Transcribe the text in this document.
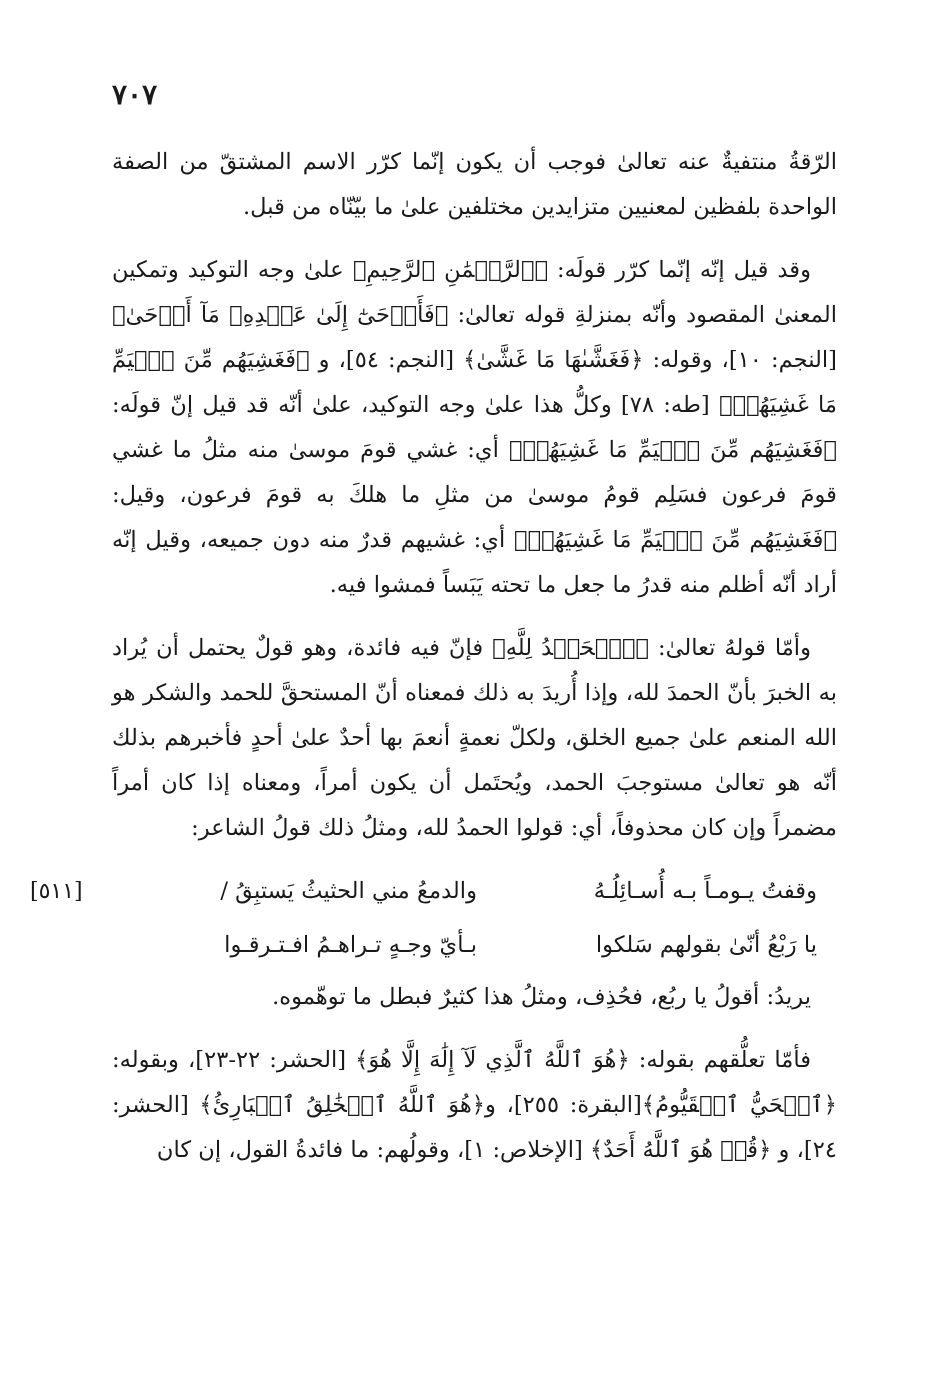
٧٠٧

الرّقةُ منتفيةٌ عنه تعالىٰ فوجب أن يكون إنّما كرّر الاسم المشتقّ من الصفة الواحدة بلفظين لمعنيين متزايدين مختلفين علىٰ ما بيّنّاه من قبل.

وقد قيل إنّه إنّما كرّر قولَه: ﴿ٱلرَّحۡمَٰنِ ٱلرَّحِيمِ﴾ علىٰ وجه التوكيد وتمكين المعنىٰ المقصود وأنّه بمنزلةِ قوله تعالىٰ: ﴿فَأَوۡحَىٰٓ إِلَىٰ عَبۡدِهِۦ مَآ أَوۡحَىٰ﴾ [النجم: ١٠]، وقوله: ﴿فَغَشَّىٰهَا مَا غَشَّىٰ﴾ [النجم: ٥٤]، و ﴿فَغَشِيَهُم مِّنَ ٱلۡيَمِّ مَا غَشِيَهُمۡ﴾ [طه: ٧٨] وكلُّ هذا علىٰ وجه التوكيد، علىٰ أنّه قد قيل إنّ قولَه: ﴿فَغَشِيَهُم مِّنَ ٱلۡيَمِّ مَا غَشِيَهُمۡ﴾ أي: غشي قومَ موسىٰ منه مثلُ ما غشي قومَ فرعون فسَلِم قومُ موسىٰ من مثلِ ما هلكَ به قومَ فرعون، وقيل: ﴿فَغَشِيَهُم مِّنَ ٱلۡيَمِّ مَا غَشِيَهُمۡ﴾ أي: غشيهم قدرٌ منه دون جميعه، وقيل إنّه أراد أنّه أظلم منه قدرُ ما جعل ما تحته يَبَساً فمشوا فيه.

وأمّا قولهُ تعالىٰ: ﴿ٱلۡحَمۡدُ لِلَّهِ﴾ فإنّ فيه فائدة، وهو قولٌ يحتمل أن يُراد به الخبرَ بأنّ الحمدَ لله، وإذا أُريدَ به ذلك فمعناه أنّ المستحقَّ للحمد والشكر هو الله المنعم علىٰ جميع الخلق، ولكلّ نعمةٍ أنعمَ بها أحدٌ علىٰ أحدٍ فأخبرهم بذلك أنّه هو تعالىٰ مستوجبَ الحمد، ويُحتَمل أن يكون أمراً، ومعناه إذا كان أمراً مضمراً وإن كان محذوفاً، أي: قولوا الحمدُ لله، ومثلُ ذلك قولُ الشاعر:

وقفتُ يـومـاً بـه أُسـائِلُـهُ
والدمعُ مني الحثيثُ يَستبِقُ /
[٥١١]
يا رَبْعُ أنّىٰ بقولهم سَلكوا
بـأيّ وجـهٍ تـراهـمُ افـتـرقـوا

يريدُ: أقولُ يا ربُع، فحُذِف، ومثلُ هذا كثيرٌ فبطل ما توهّموه.

فأمّا تعلُّقهم بقوله: ﴿هُوَ ٱللَّهُ ٱلَّذِي لَآ إِلَٰهَ إِلَّا هُوَ﴾ [الحشر: ٢٢-٢٣]، وبقوله: ﴿ٱلۡحَيُّ ٱلۡقَيُّومُ﴾[البقرة: ٢٥٥]، و﴿هُوَ ٱللَّهُ ٱلۡخَٰلِقُ ٱلۡبَارِئُ﴾ [الحشر: ٢٤]، و ﴿قُلۡ هُوَ ٱللَّهُ أَحَدٌ﴾ [الإخلاص: ١]، وقولُهم: ما فائدةُ القول، إن كان
